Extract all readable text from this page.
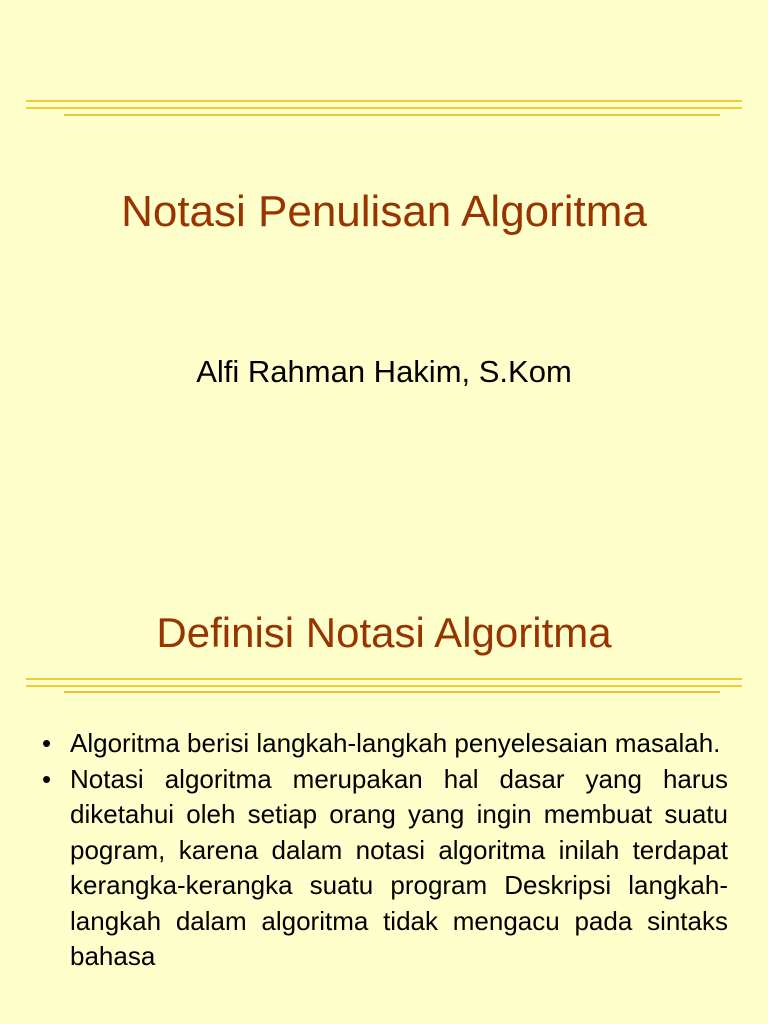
Notasi Penulisan Algoritma
Alfi Rahman Hakim, S.Kom
Definisi Notasi Algoritma
• Algoritma berisi langkah-langkah penyelesaian masalah.
• Notasi algoritma merupakan hal dasar yang harus diketahui oleh setiap orang yang ingin membuat suatu pogram, karena dalam notasi algoritma inilah terdapat kerangka-kerangka suatu program Deskripsi langkah-langkah dalam algoritma tidak mengacu pada sintaks bahasa
